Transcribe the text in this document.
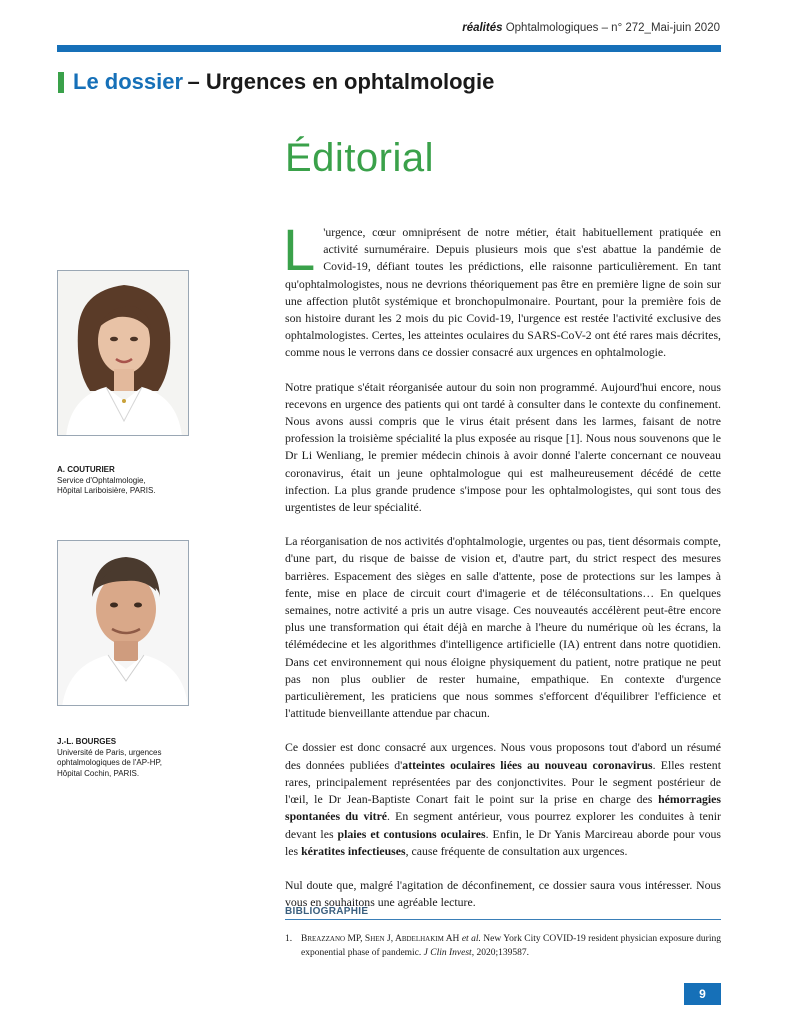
réalités Ophtalmologiques – n° 272_Mai-juin 2020
Le dossier
– Urgences en ophtalmologie
Éditorial
A. COUTURIER
Service d'Ophtalmologie,
Hôpital Lariboisière, PARIS.
J.-L. BOURGES
Université de Paris, urgences
ophtalmologiques de l'AP-HP,
Hôpital Cochin, PARIS.

L 'urgence, cœur omniprésent de notre métier, était habituellement pratiquée en activité surnuméraire. Depuis plusieurs mois que s'est abattue la pandémie de Covid-19, défiant toutes les prédictions, elle raisonne particulièrement. En tant qu'ophtalmologistes, nous ne devrions théoriquement pas être en première ligne de soin sur une affection plutôt systémique et bronchopulmonaire. Pourtant, pour la première fois de son histoire durant les 2 mois du pic Covid-19, l'urgence est restée l'activité exclusive des ophtalmologistes. Certes, les atteintes oculaires du SARS-CoV-2 ont été rares mais décrites, comme nous le verrons dans ce dossier consacré aux urgences en ophtalmologie.

Notre pratique s'était réorganisée autour du soin non programmé. Aujourd'hui encore, nous recevons en urgence des patients qui ont tardé à consulter dans le contexte du confinement. Nous avons aussi compris que le virus était présent dans les larmes, faisant de notre profession la troisième spécialité la plus exposée au risque [1]. Nous nous souvenons que le Dr Li Wenliang, le premier médecin chinois à avoir donné l'alerte concernant ce nouveau coronavirus, était un jeune ophtalmologue qui est malheureusement décédé de cette infection. La plus grande prudence s'impose pour les ophtalmologistes, qui sont tous des urgentistes de leur spécialité.

La réorganisation de nos activités d'ophtalmologie, urgentes ou pas, tient désormais compte, d'une part, du risque de baisse de vision et, d'autre part, du strict respect des mesures barrières. Espacement des sièges en salle d'attente, pose de protections sur les lampes à fente, mise en place de circuit court d'imagerie et de téléconsultations… En quelques semaines, notre activité a pris un autre visage. Ces nouveautés accélèrent peut-être encore plus une transformation qui était déjà en marche à l'heure du numérique où les écrans, la télémédecine et les algorithmes d'intelligence artificielle (IA) entrent dans notre quotidien. Dans cet environnement qui nous éloigne physiquement du patient, notre pratique ne peut pas non plus oublier de rester humaine, empathique. En contexte d'urgence particulièrement, les praticiens que nous sommes s'efforcent d'équilibrer l'efficience et l'attitude bienveillante attendue par chacun.

Ce dossier est donc consacré aux urgences. Nous vous proposons tout d'abord un résumé des données publiées d'atteintes oculaires liées au nouveau coronavirus. Elles restent rares, principalement représentées par des conjonctivites. Pour le segment postérieur de l'œil, le Dr Jean-Baptiste Conart fait le point sur la prise en charge des hémorragies spontanées du vitré. En segment antérieur, vous pourrez explorer les conduites à tenir devant les plaies et contusions oculaires. Enfin, le Dr Yanis Marcireau aborde pour vous les kératites infectieuses, cause fréquente de consultation aux urgences.

Nul doute que, malgré l'agitation de déconfinement, ce dossier saura vous intéresser. Nous vous en souhaitons une agréable lecture.

BIBLIOGRAPHIE
1. Breazzano MP, Shen J, Abdelhakim AH et al. New York City COVID-19 resident physician exposure during exponential phase of pandemic. J Clin Invest, 2020;139587.
9
